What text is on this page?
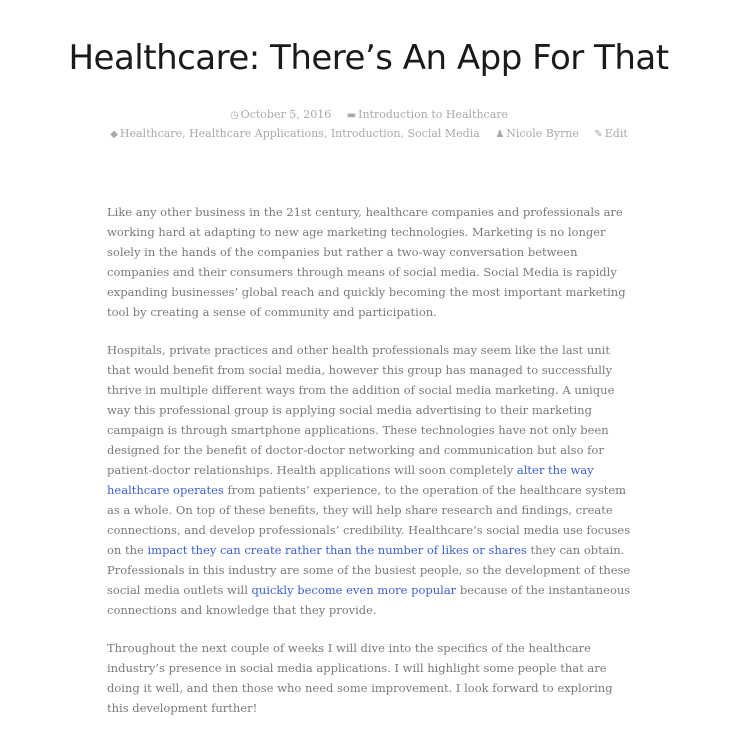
Healthcare: There’s An App For That
◷ October 5, 2016 ▬ Introduction to Healthcare ◆ Healthcare, Healthcare Applications, Introduction, Social Media ♟ Nicole Byrne ✎ Edit

Like any other business in the 21st century, healthcare companies and professionals are working hard at adapting to new age marketing technologies. Marketing is no longer solely in the hands of the companies but rather a two-way conversation between companies and their consumers through means of social media. Social Media is rapidly expanding businesses’ global reach and quickly becoming the most important marketing tool by creating a sense of community and participation.

Hospitals, private practices and other health professionals may seem like the last unit that would benefit from social media, however this group has managed to successfully thrive in multiple different ways from the addition of social media marketing. A unique way this professional group is applying social media advertising to their marketing campaign is through smartphone applications. These technologies have not only been designed for the benefit of doctor-doctor networking and communication but also for patient-doctor relationships. Health applications will soon completely alter the way healthcare operates from patients’ experience, to the operation of the healthcare system as a whole. On top of these benefits, they will help share research and findings, create connections, and develop professionals’ credibility. Healthcare’s social media use focuses on the impact they can create rather than the number of likes or shares they can obtain. Professionals in this industry are some of the busiest people, so the development of these social media outlets will quickly become even more popular because of the instantaneous connections and knowledge that they provide.

Throughout the next couple of weeks I will dive into the specifics of the healthcare industry’s presence in social media applications. I will highlight some people that are doing it well, and then those who need some improvement. I look forward to exploring this development further!
